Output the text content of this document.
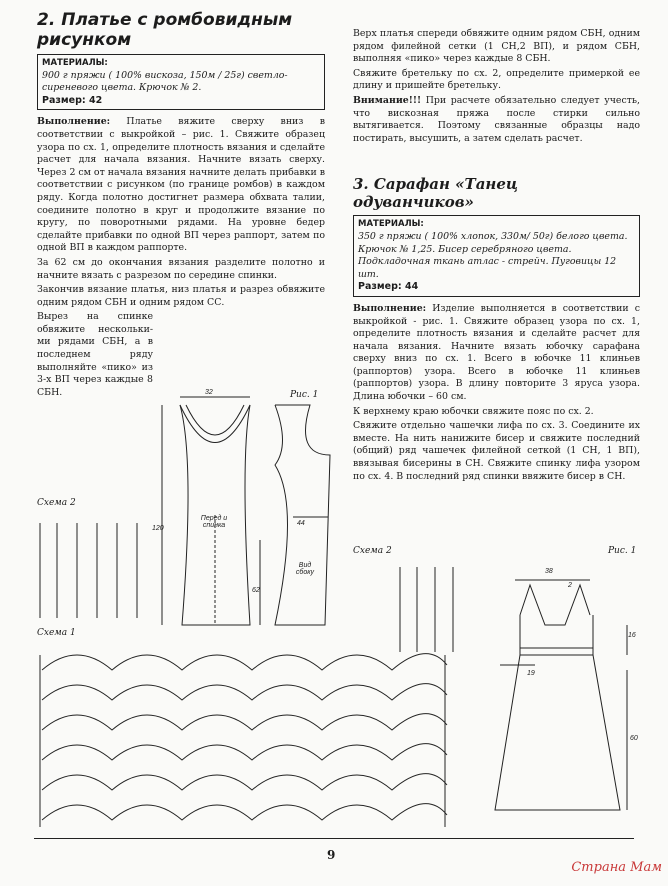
2. Платье с ромбовидным рисунком
МАТЕРИАЛЫ:
900 г пряжи ( 100% вискоза, 150м / 25г) светло-сиреневого цвета. Крючок № 2.
Размер: 42

Выполнение: Платье вяжите сверху вниз в соответствии с выкройкой – рис. 1. Свяжите образец узора по сх. 1, определите плотность вязания и сделайте расчет для начала вязания. Начните вязать сверху. Через 2 см от начала вязания начните делать прибавки в соответствии с рисунком (по границе ромбов) в каждом ряду. Когда полотно достигнет размера обхвата талии, соедините полотно в круг и продолжите вязание по кругу, по поворотными рядами. На уровне бедер сделайте прибавки по одной ВП через раппорт, затем по одной ВП в каждом раппорте.

За 62 см до окончания вязания разделите полотно и начните вязать с разрезом по середине спинки.

Закончив вязание платья, низ платья и разрез обвяжите одним рядом СБН и одним рядом СС.

Вырез на спинке обвяжите нескольки-ми рядами СБН, а в последнем ряду выполняйте «пико» из 3-х ВП через каждые 8 СБН.	32
120
62
44
Перед и спинка
Вид сбоку
Рис. 1
Схема 2
Схема 1

Верх платья спереди обвяжите одним рядом СБН, одним рядом филейной сетки (1 СН,2 ВП), и рядом СБН, выполняя «пико» через каждые 8 СБН.

Свяжите бретельку по сх. 2, определите примеркой ее длину и пришейте бретельку.

Внимание!!! При расчете обязательно следует учесть, что вискозная пряжа после стирки сильно вытягивается. Поэтому связанные образцы надо постирать, высушить, а затем сделать расчет.

3. Сарафан «Танец одуванчиков»
МАТЕРИАЛЫ:
350 г пряжи ( 100% хлопок, 330м/ 50г) белого цвета. Крючок № 1,25. Бисер серебряного цвета. Подкладочная ткань атлас - стрейч. Пуговицы 12 шт.
Размер: 44

Выполнение: Изделие выполняется в соответствии с выкройкой - рис. 1. Свяжите образец узора по сх. 1, определите плотность вязания и сделайте расчет для начала вязания. Начните вязать юбочку сарафана сверху вниз по сх. 1. Всего в юбочке 11 клиньев (раппортов) узора. Всего в юбочке 11 клиньев (раппортов) узора. В длину повторите 3 яруса узора. Длина юбочки – 60 см.

К верхнему краю юбочки свяжите пояс по сх. 2.

Свяжите отдельно чашечки лифа по сх. 3. Соедините их вместе. На нить нанижите бисер и свяжите последний (общий) ряд чашечек филейной сеткой (1 СН, 1 ВП), ввязывая бисерины в СН. Свяжите спинку лифа узором по сх. 4. В последний ряд спинки ввяжите бисер в СН.

Схема 2	Рис. 1
38
2
16
19
60
9
Страна Мам
